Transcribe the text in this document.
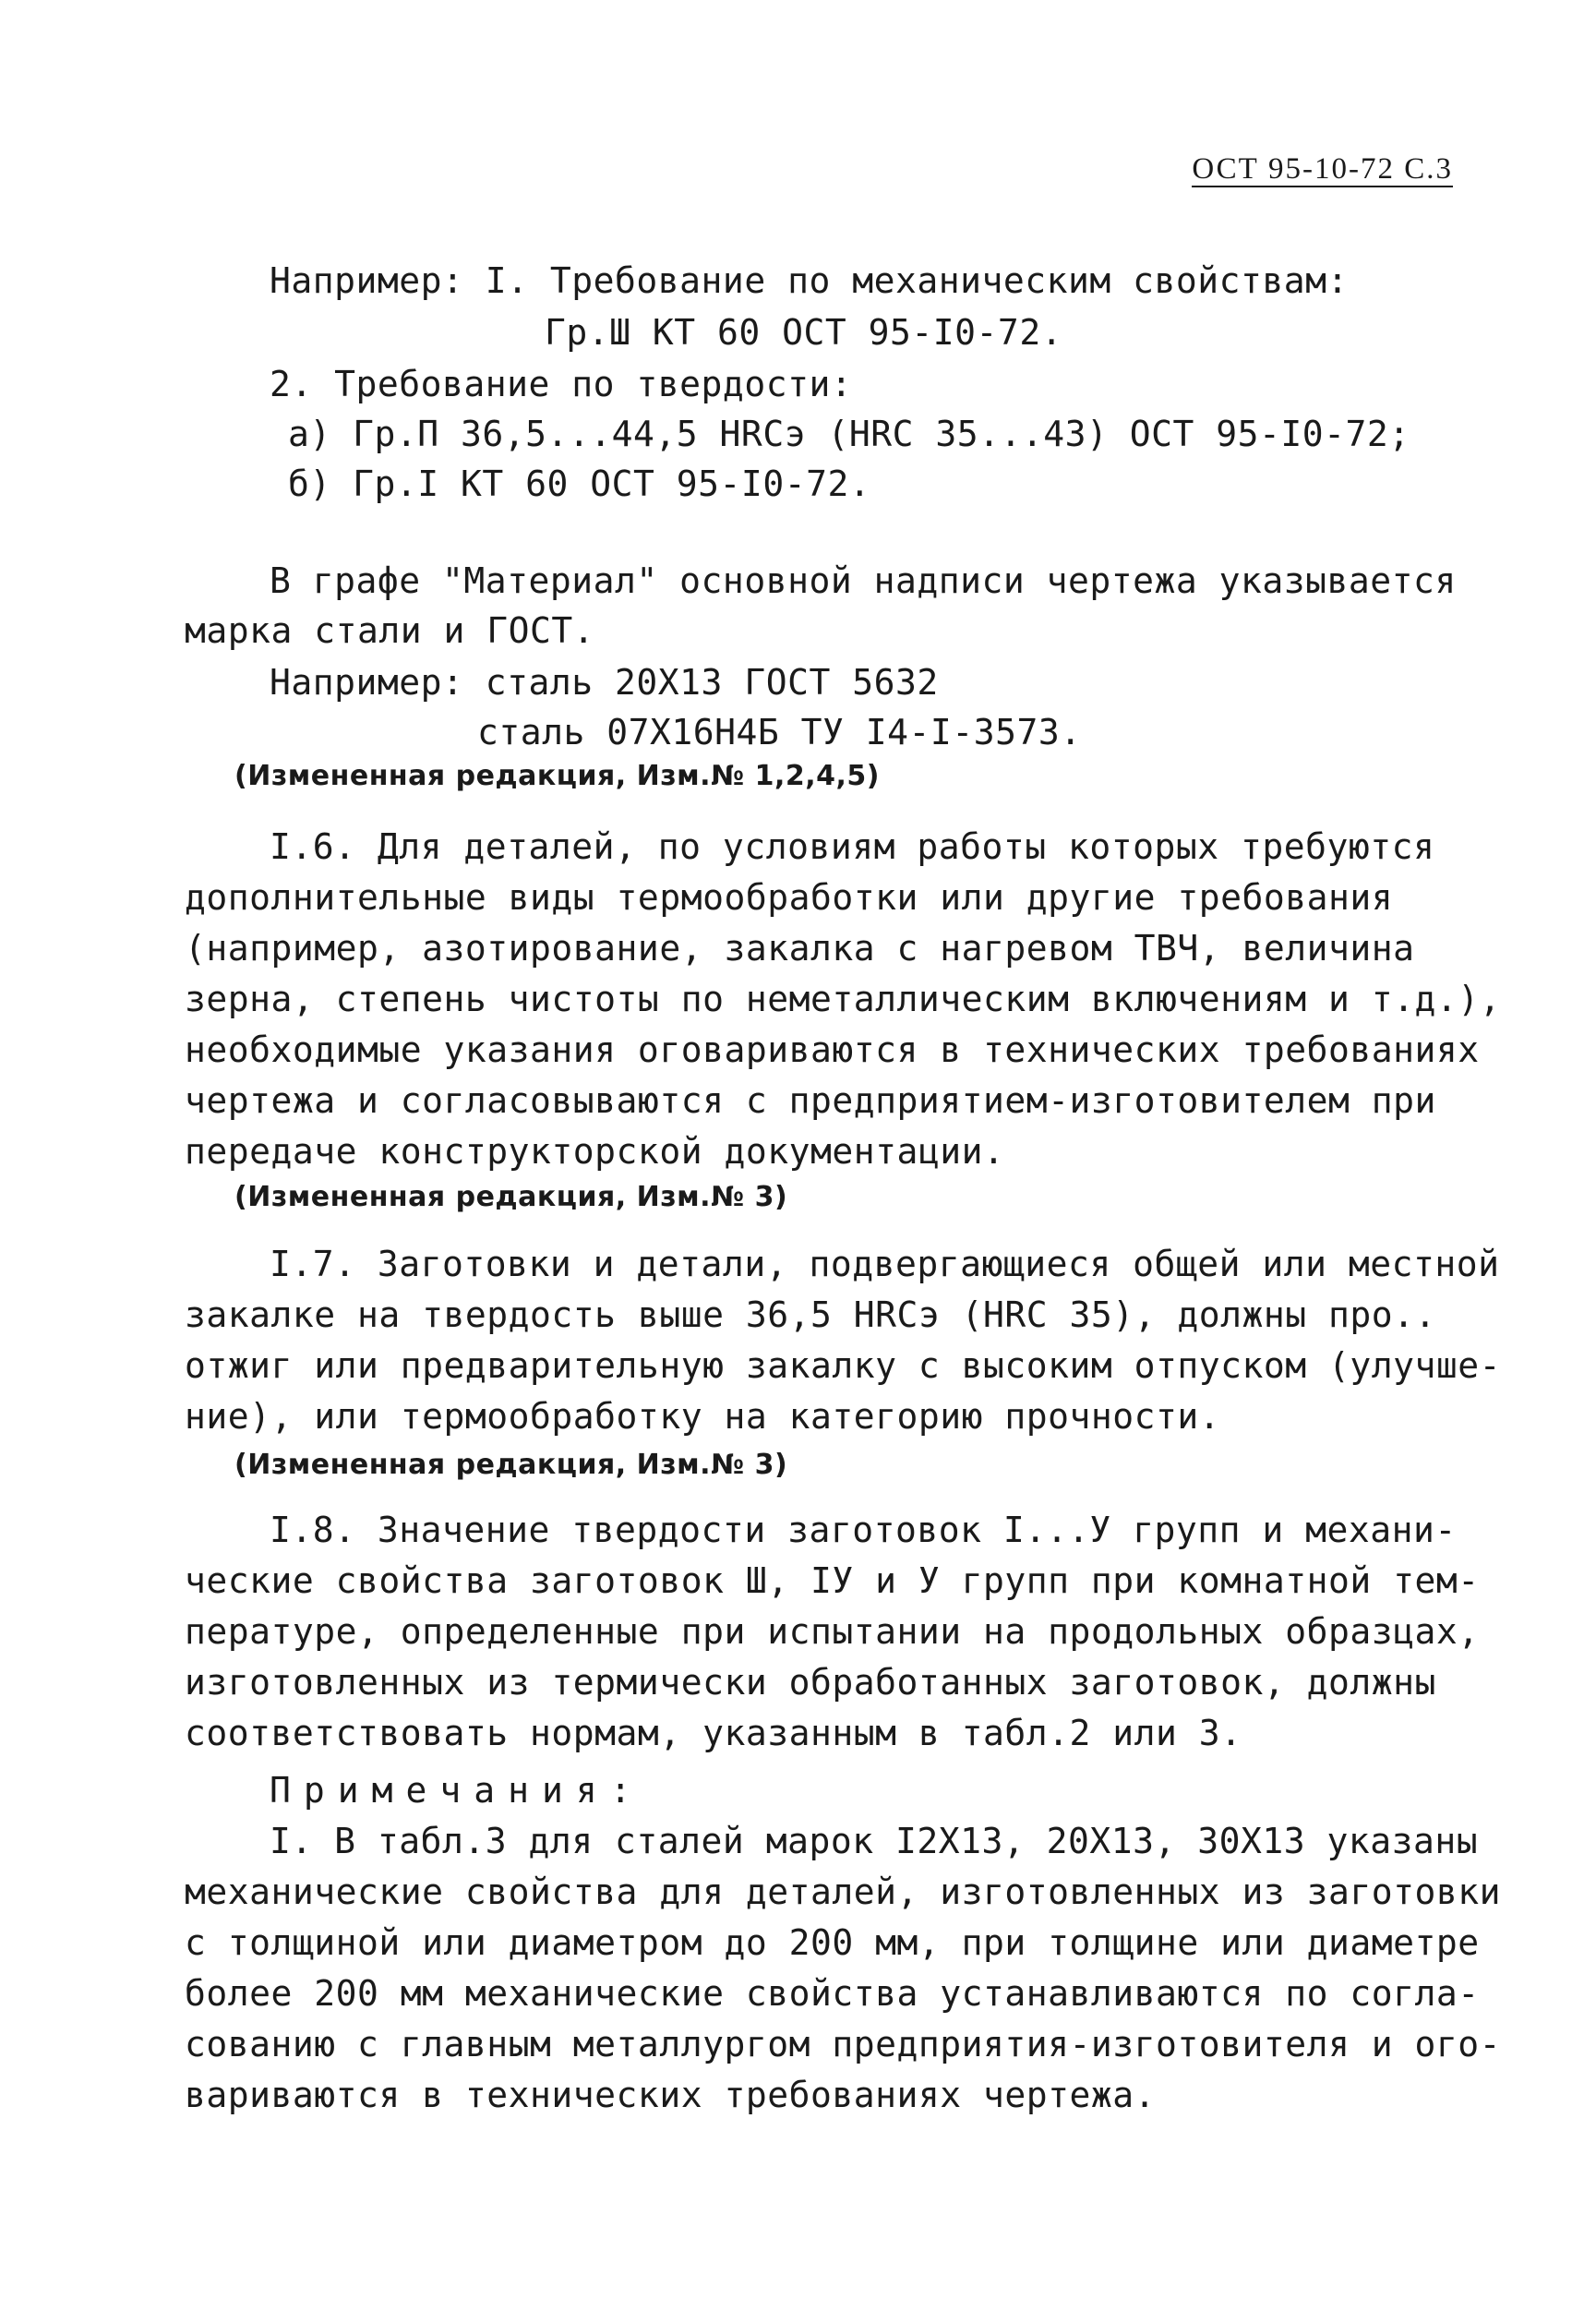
ОСТ 95-10-72 С.3
Например: I. Требование по механическим свойствам:
Гр.Ш КТ 60 ОСТ 95-I0-72.
2. Требование по твердости:
а) Гр.П 36,5...44,5 HRCэ (HRC 35...43) ОСТ 95-I0-72;
б) Гр.I КТ 60 ОСТ 95-I0-72.
В графе "Материал" основной надписи чертежа указывается
марка стали и ГОСТ.
Например: сталь 20Х13 ГОСТ 5632
сталь 07Х16Н4Б ТУ I4-I-3573.
(Измененная редакция, Изм.№ 1,2,4,5)
I.6. Для деталей, по условиям работы которых требуются
дополнительные виды термообработки или другие требования
(например, азотирование, закалка с нагревом ТВЧ, величина
зерна, степень чистоты по неметаллическим включениям и т.д.),
необходимые указания оговариваются в технических требованиях
чертежа и согласовываются с предприятием-изготовителем при
передаче конструкторской документации.
(Измененная редакция, Изм.№ 3)
I.7. Заготовки и детали, подвергающиеся общей или местной
закалке на твердость выше 36,5 HRCэ (HRC 35), должны про..
отжиг или предварительную закалку с высоким отпуском (улучше-
ние), или термообработку на категорию прочности.
(Измененная редакция, Изм.№ 3)
I.8. Значение твердости заготовок I...У групп и механи-
ческие свойства заготовок Ш, IУ и У групп при комнатной тем-
пературе, определенные при испытании на продольных образцах,
изготовленных из термически обработанных заготовок, должны
соответствовать нормам, указанным в табл.2 или 3.
Примечания:
I. В табл.3 для сталей марок I2Х13, 20Х13, 30Х13 указаны
механические свойства для деталей, изготовленных из заготовки
с толщиной или диаметром до 200 мм, при толщине или диаметре
более 200 мм механические свойства устанавливаются по согла-
сованию с главным металлургом предприятия-изготовителя и ого-
вариваются в технических требованиях чертежа.
